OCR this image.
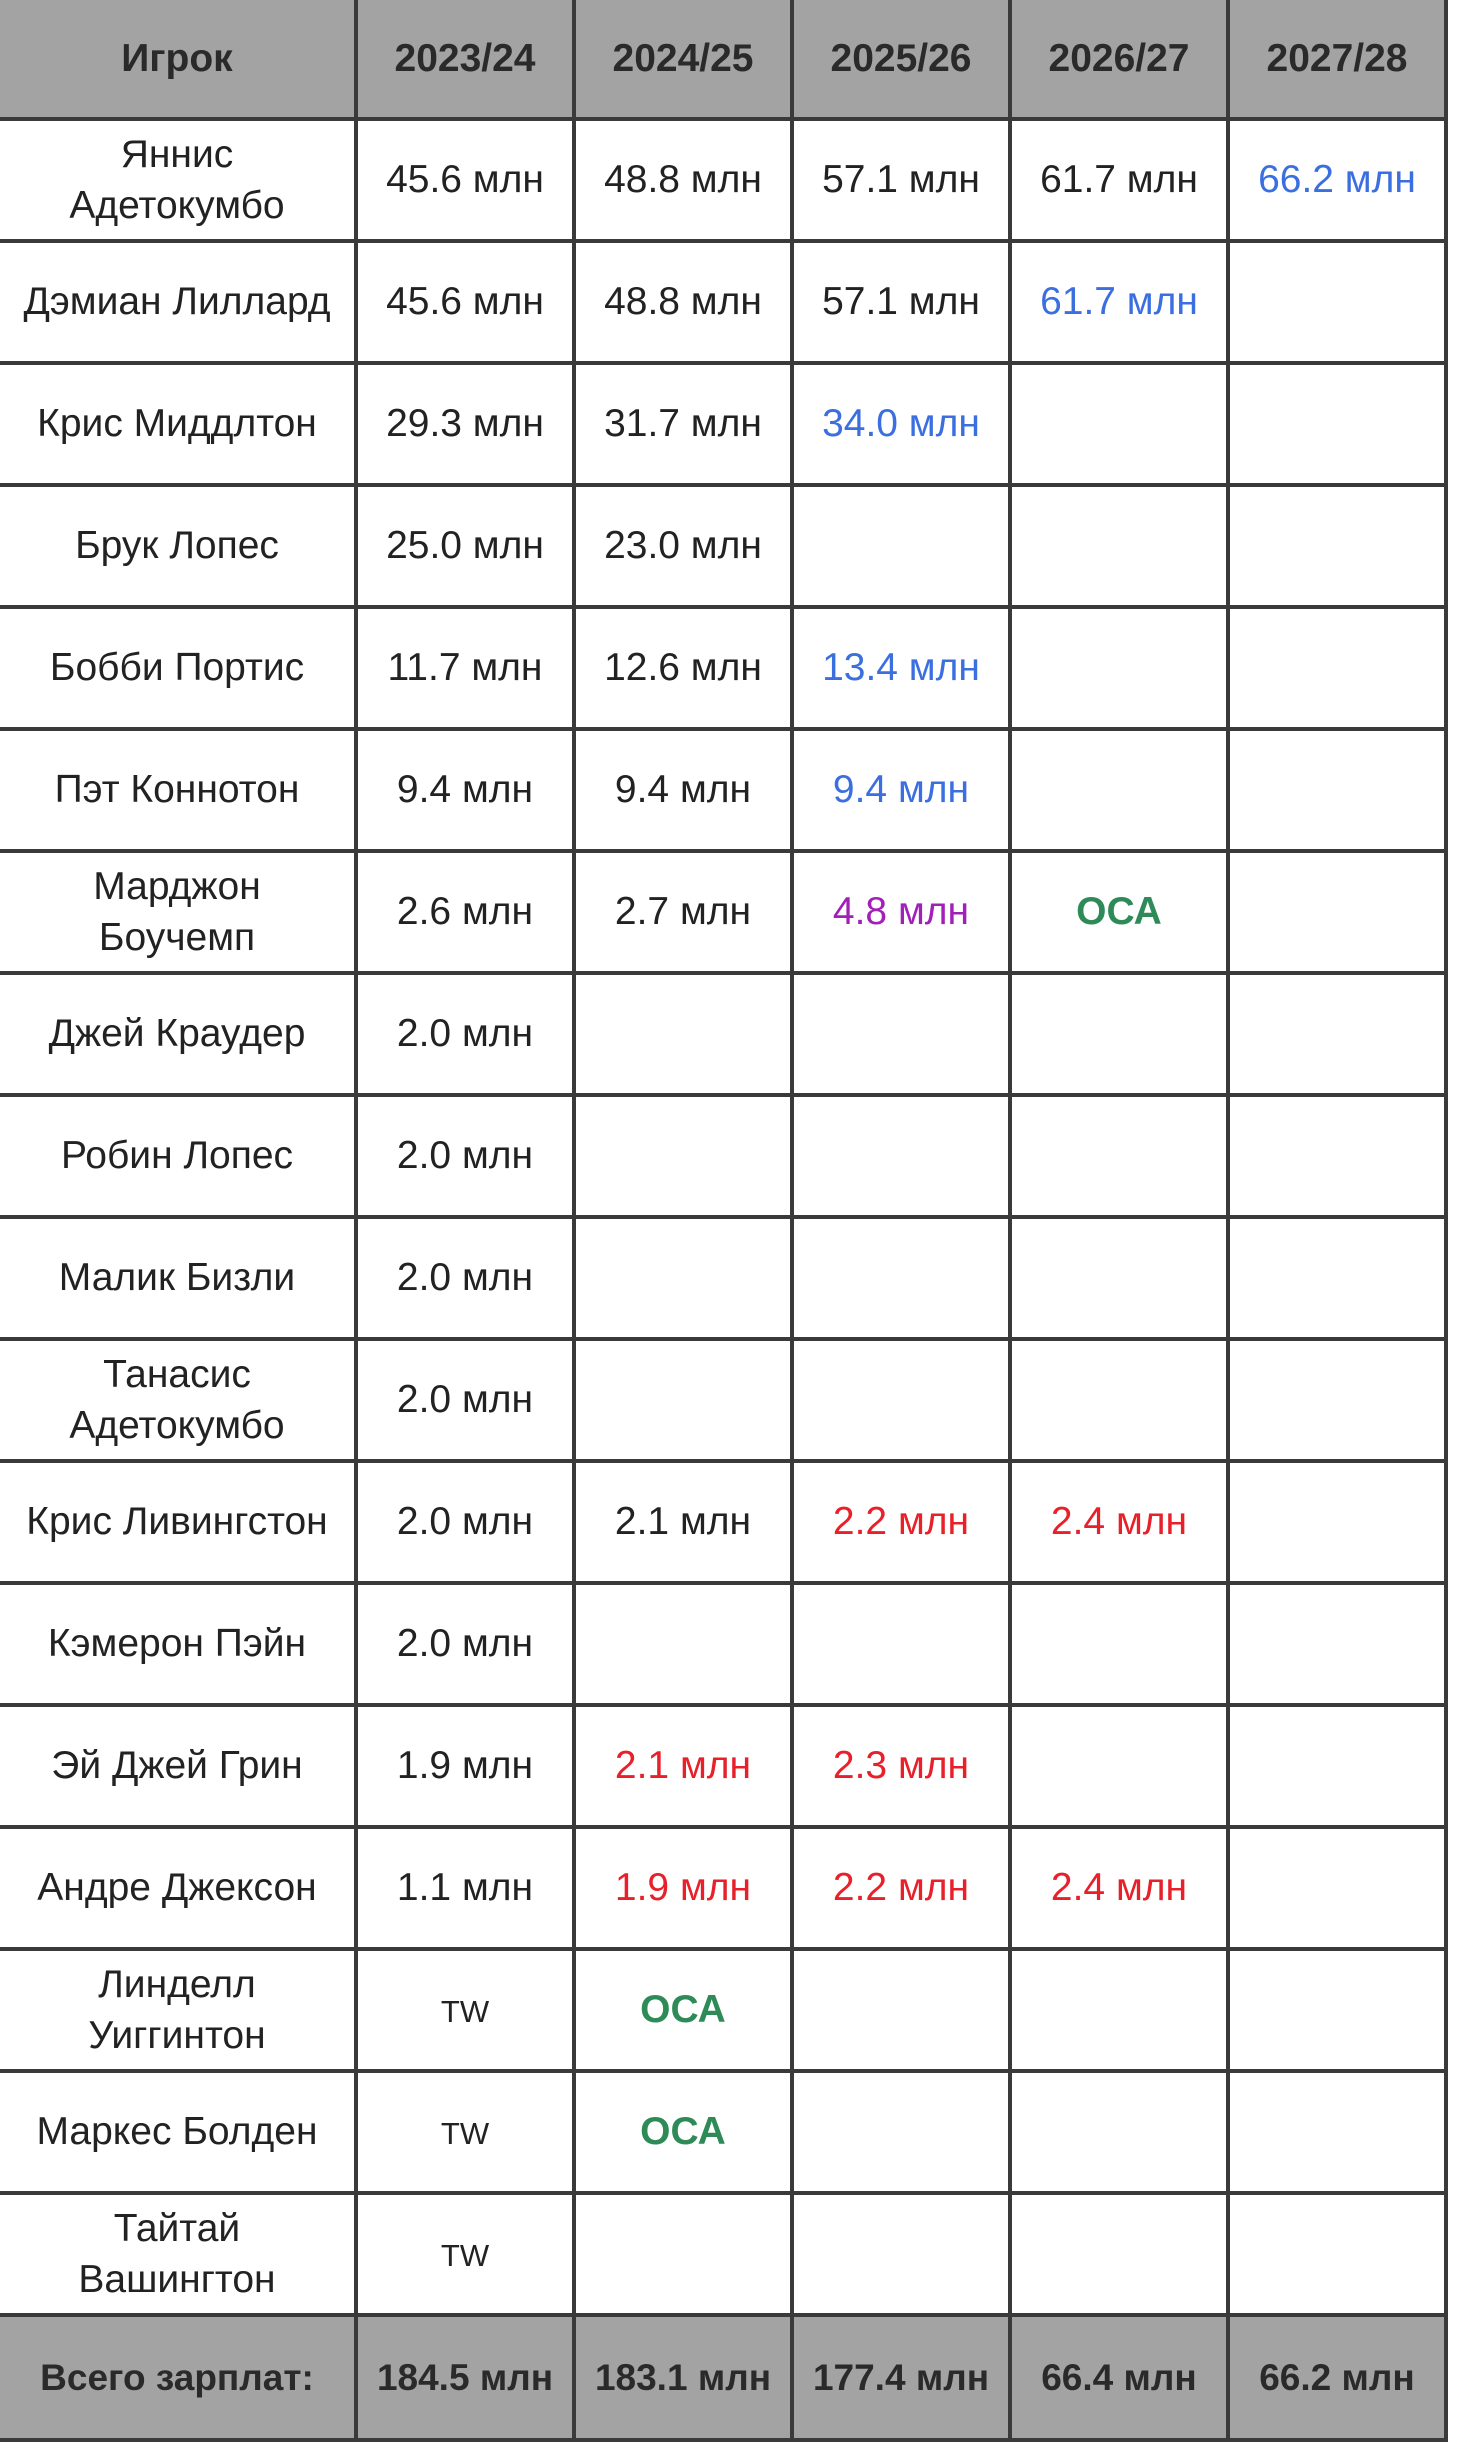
Игрок	2023/24	2024/25	2025/26	2026/27	2027/28
Яннис
Адетокумбо	45.6 млн	48.8 млн	57.1 млн	61.7 млн	66.2 млн
Дэмиан Лиллард	45.6 млн	48.8 млн	57.1 млн	61.7 млн	
Крис Миддлтон	29.3 млн	31.7 млн	34.0 млн		
Брук Лопес	25.0 млн	23.0 млн			
Бобби Портис	11.7 млн	12.6 млн	13.4 млн		
Пэт Коннотон	9.4 млн	9.4 млн	9.4 млн		
Марджон
Боучемп	2.6 млн	2.7 млн	4.8 млн	ОСА	
Джей Краудер	2.0 млн				
Робин Лопес	2.0 млн				
Малик Бизли	2.0 млн				
Танасис
Адетокумбо	2.0 млн				
Крис Ливингстон	2.0 млн	2.1 млн	2.2 млн	2.4 млн	
Кэмерон Пэйн	2.0 млн				
Эй Джей Грин	1.9 млн	2.1 млн	2.3 млн		
Андре Джексон	1.1 млн	1.9 млн	2.2 млн	2.4 млн	
Линделл
Уиггинтон	TW	ОСА			
Маркес Болден	TW	ОСА			
Тайтай
Вашингтон	TW				
Всего зарплат:	184.5 млн	183.1 млн	177.4 млн	66.4 млн	66.2 млн
